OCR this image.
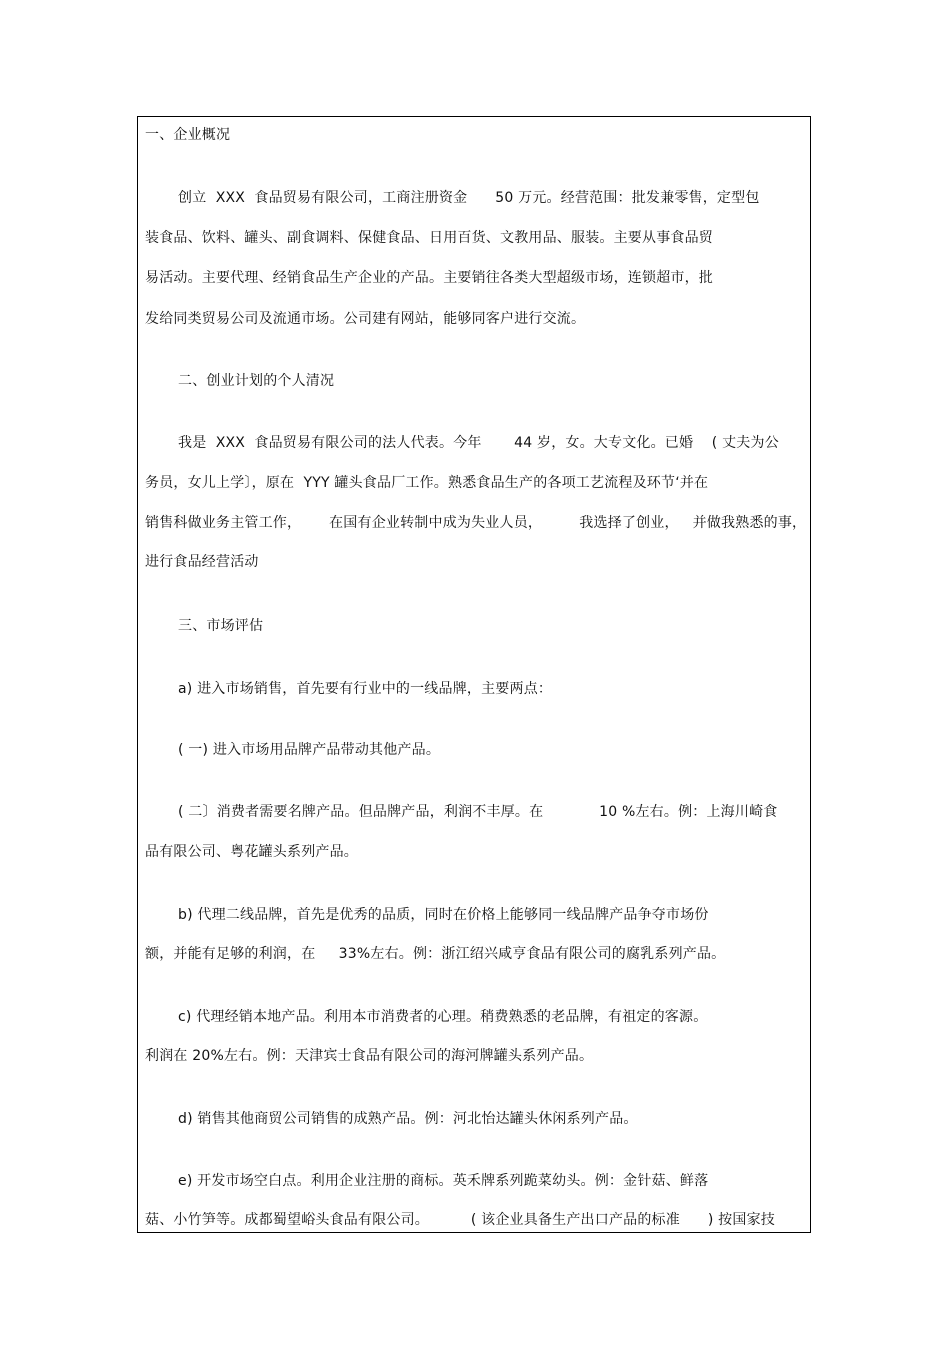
一、企业概况
创立  XXX  食品贸易有限公司，工商注册资金      50 万元。经营范围：批发兼零售，定型包
装食品、饮料、罐头、副食调料、保健食品、日用百货、文教用品、服装。主要从事食品贸
易活动。主要代理、经销食品生产企业的产品。主要销往各类大型超级市场，连锁超市，批
发给同类贸易公司及流通市场。公司建有网站，能够同客户进行交流。
二、创业计划的个人清况
我是  XXX  食品贸易有限公司的法人代表。今年       44 岁，女。大专文化。已婚    ( 丈夫为公
务员，女儿上学〕，原在  YYY 罐头食品厂工作。熟悉食品生产的各项工艺流程及环节‘并在
销售科做业务主管工作，      在国有企业转制中成为失业人员，        我选择了创业，   并做我熟悉的事，
进行食品经营活动
三、市场评估
a) 进入市场销售，首先要有行业中的一线品牌，主要两点：
( 一) 进入市场用品牌产品带动其他产品。
( 二〕消费者需要名牌产品。但品牌产品，利润不丰厚。在            10 %左右。例：上海川崎食
品有限公司、粤花罐头系列产品。
b) 代理二线品牌，首先是优秀的品质，同时在价格上能够同一线品牌产品争夺市场份
额，并能有足够的利润，在     33%左右。例：浙江绍兴咸亨食品有限公司的腐乳系列产品。
c) 代理经销本地产品。利用本市消费者的心理。稍费熟悉的老品牌，有祖定的客源。
利润在 20%左右。例：天津宾士食品有限公司的海河牌罐头系列产品。
d) 销售其他商贸公司销售的成熟产品。例：河北怡达罐头休闲系列产品。
e) 开发市场空白点。利用企业注册的商标。英禾牌系列跪菜幼头。例：金针菇、鲜落
菇、小竹笋等。成都蜀望峪头食品有限公司。         ( 该企业具备生产出口产品的标准      ) 按国家技
